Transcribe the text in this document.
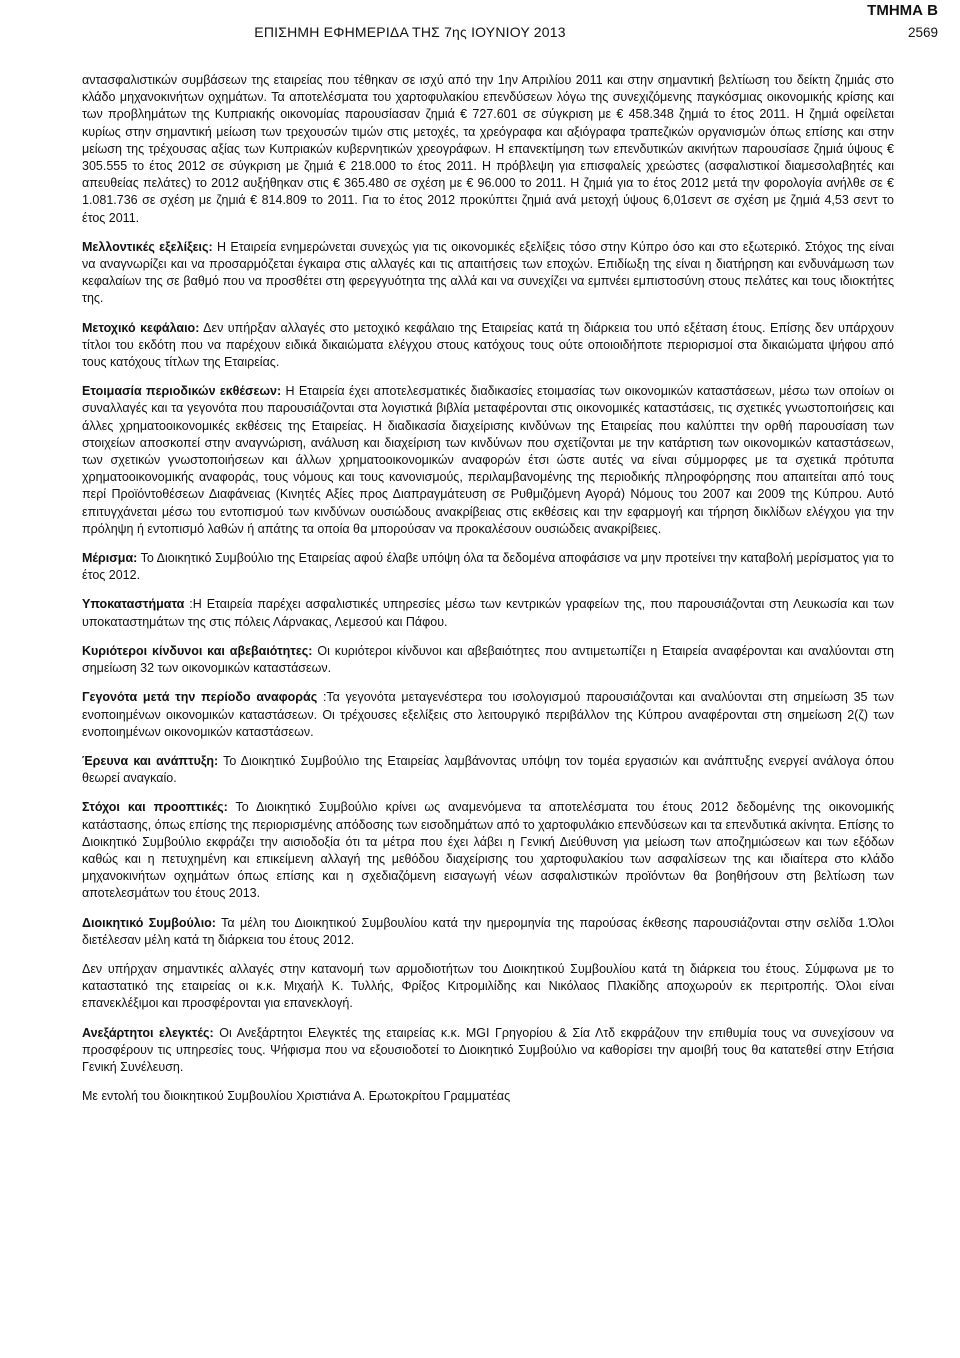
ΤΜΗΜΑ Β
ΕΠΙΣΗΜΗ ΕΦΗΜΕΡΙΔΑ ΤΗΣ 7ης ΙΟΥΝΙΟΥ 2013	2569

αντασφαλιστικών συμβάσεων της εταιρείας που τέθηκαν σε ισχύ από την 1ην Απριλίου 2011 και στην σημαντική βελτίωση του δείκτη ζημιάς στο κλάδο μηχανοκινήτων οχημάτων. Τα αποτελέσματα του χαρτοφυλακίου επενδύσεων λόγω της συνεχιζόμενης παγκόσμιας οικονομικής κρίσης και των προβλημάτων της Κυπριακής οικονομίας παρουσίασαν ζημιά € 727.601 σε σύγκριση με € 458.348 ζημιά το έτος 2011. Η ζημιά οφείλεται κυρίως στην σημαντική μείωση των τρεχουσών τιμών στις μετοχές, τα χρεόγραφα και αξιόγραφα τραπεζικών οργανισμών όπως επίσης και στην μείωση της τρέχουσας αξίας των Κυπριακών κυβερνητικών χρεογράφων. Η επανεκτίμηση των επενδυτικών ακινήτων παρουσίασε ζημιά ύψους € 305.555 το έτος 2012 σε σύγκριση με ζημιά € 218.000 το έτος 2011. Η πρόβλεψη για επισφαλείς χρεώστες (ασφαλιστικοί διαμεσολαβητές και απευθείας πελάτες) το 2012 αυξήθηκαν στις € 365.480 σε σχέση με € 96.000 το 2011. Η ζημιά για το έτος 2012 μετά την φορολογία ανήλθε σε € 1.081.736 σε σχέση με ζημιά € 814.809 το 2011. Για το έτος 2012 προκύπτει ζημιά ανά μετοχή ύψους 6,01σεντ σε σχέση με ζημιά 4,53 σεντ το έτος 2011.

Μελλοντικές εξελίξεις: Η Εταιρεία ενημερώνεται συνεχώς για τις οικονομικές εξελίξεις τόσο στην Κύπρο όσο και στο εξωτερικό. Στόχος της είναι να αναγνωρίζει και να προσαρμόζεται έγκαιρα στις αλλαγές και τις απαιτήσεις των εποχών. Επιδίωξη της είναι η διατήρηση και ενδυνάμωση των κεφαλαίων της σε βαθμό που να προσθέτει στη φερεγγυότητα της αλλά και να συνεχίζει να εμπνέει εμπιστοσύνη στους πελάτες και τους ιδιοκτήτες της.

Μετοχικό κεφάλαιο: Δεν υπήρξαν αλλαγές στο μετοχικό κεφάλαιο της Εταιρείας κατά τη διάρκεια του υπό εξέταση έτους. Επίσης δεν υπάρχουν τίτλοι του εκδότη που να παρέχουν ειδικά δικαιώματα ελέγχου στους κατόχους τους ούτε οποιοιδήποτε περιορισμοί στα δικαιώματα ψήφου από τους κατόχους τίτλων της Εταιρείας.

Ετοιμασία περιοδικών εκθέσεων: Η Εταιρεία έχει αποτελεσματικές διαδικασίες ετοιμασίας των οικονομικών καταστάσεων, μέσω των οποίων οι συναλλαγές και τα γεγονότα που παρουσιάζονται στα λογιστικά βιβλία μεταφέρονται στις οικονομικές καταστάσεις, τις σχετικές γνωστοποιήσεις και άλλες χρηματοοικονομικές εκθέσεις της Εταιρείας. Η διαδικασία διαχείρισης κινδύνων της Εταιρείας που καλύπτει την ορθή παρουσίαση των στοιχείων αποσκοπεί στην αναγνώριση, ανάλυση και διαχείριση των κινδύνων που σχετίζονται με την κατάρτιση των οικονομικών καταστάσεων, των σχετικών γνωστοποιήσεων και άλλων χρηματοοικονομικών αναφορών έτσι ώστε αυτές να είναι σύμμορφες με τα σχετικά πρότυπα χρηματοοικονομικής αναφοράς, τους νόμους και τους κανονισμούς, περιλαμβανομένης της περιοδικής πληροφόρησης που απαιτείται από τους περί Προϊόντοθέσεων Διαφάνειας (Κινητές Αξίες προς Διαπραγμάτευση σε Ρυθμιζόμενη Αγορά) Νόμους του 2007 και 2009 της Κύπρου. Αυτό επιτυγχάνεται μέσω του εντοπισμού των κινδύνων ουσιώδους ανακρίβειας στις εκθέσεις και την εφαρμογή και τήρηση δικλίδων ελέγχου για την πρόληψη ή εντοπισμό λαθών ή απάτης τα οποία θα μπορούσαν να προκαλέσουν ουσιώδεις ανακρίβειες.

Μέρισμα: Το Διοικητικό Συμβούλιο της Εταιρείας αφού έλαβε υπόψη όλα τα δεδομένα αποφάσισε να μην προτείνει την καταβολή μερίσματος για το έτος 2012.

Υποκαταστήματα :Η Εταιρεία παρέχει ασφαλιστικές υπηρεσίες μέσω των κεντρικών γραφείων της, που παρουσιάζονται στη Λευκωσία και των υποκαταστημάτων της στις πόλεις Λάρνακας, Λεμεσού και Πάφου.

Κυριότεροι κίνδυνοι και αβεβαιότητες: Οι κυριότεροι κίνδυνοι και αβεβαιότητες που αντιμετωπίζει η Εταιρεία αναφέρονται και αναλύονται στη σημείωση 32 των οικονομικών καταστάσεων.

Γεγονότα μετά την περίοδο αναφοράς :Τα γεγονότα μεταγενέστερα του ισολογισμού παρουσιάζονται και αναλύονται στη σημείωση 35 των ενοποιημένων οικονομικών καταστάσεων. Οι τρέχουσες εξελίξεις στο λειτουργικό περιβάλλον της Κύπρου αναφέρονται στη σημείωση 2(ζ) των ενοποιημένων οικονομικών καταστάσεων.

Έρευνα και ανάπτυξη: Το Διοικητικό Συμβούλιο της Εταιρείας λαμβάνοντας υπόψη τον τομέα εργασιών και ανάπτυξης ενεργεί ανάλογα όπου θεωρεί αναγκαίο.

Στόχοι και προοπτικές: Το Διοικητικό Συμβούλιο κρίνει ως αναμενόμενα τα αποτελέσματα του έτους 2012 δεδομένης της οικονομικής κατάστασης, όπως επίσης της περιορισμένης απόδοσης των εισοδημάτων από το χαρτοφυλάκιο επενδύσεων και τα επενδυτικά ακίνητα. Επίσης το Διοικητικό Συμβούλιο εκφράζει την αισιοδοξία ότι τα μέτρα που έχει λάβει η Γενική Διεύθυνση για μείωση των αποζημιώσεων και των εξόδων καθώς και η πετυχημένη και επικείμενη αλλαγή της μεθόδου διαχείρισης του χαρτοφυλακίου των ασφαλίσεων της και ιδιαίτερα στο κλάδο μηχανοκινήτων οχημάτων όπως επίσης και η σχεδιαζόμενη εισαγωγή νέων ασφαλιστικών προϊόντων θα βοηθήσουν στη βελτίωση των αποτελεσμάτων του έτους 2013.

Διοικητικό Συμβούλιο: Τα μέλη του Διοικητικού Συμβουλίου κατά την ημερομηνία της παρούσας έκθεσης παρουσιάζονται στην σελίδα 1.Όλοι διετέλεσαν μέλη κατά τη διάρκεια του έτους 2012.

Δεν υπήρχαν σημαντικές αλλαγές στην κατανομή των αρμοδιοτήτων του Διοικητικού Συμβουλίου κατά τη διάρκεια του έτους. Σύμφωνα με το καταστατικό της εταιρείας οι κ.κ. Μιχαήλ Κ. Τυλλής, Φρίξος Κιτρομιλίδης και Νικόλαος Πλακίδης αποχωρούν εκ περιτροπής. Όλοι είναι επανεκλέξιμοι και προσφέρονται για επανεκλογή.

Ανεξάρτητοι ελεγκτές: Οι Ανεξάρτητοι Ελεγκτές της εταιρείας κ.κ. MGI Γρηγορίου & Σία Λτδ εκφράζουν την επιθυμία τους να συνεχίσουν να προσφέρουν τις υπηρεσίες τους. Ψήφισμα που να εξουσιοδοτεί το Διοικητικό Συμβούλιο να καθορίσει την αμοιβή τους θα κατατεθεί στην Ετήσια Γενική Συνέλευση.

Με εντολή του διοικητικού Συμβουλίου Χριστιάνα Α. Ερωτοκρίτου Γραμματέας
